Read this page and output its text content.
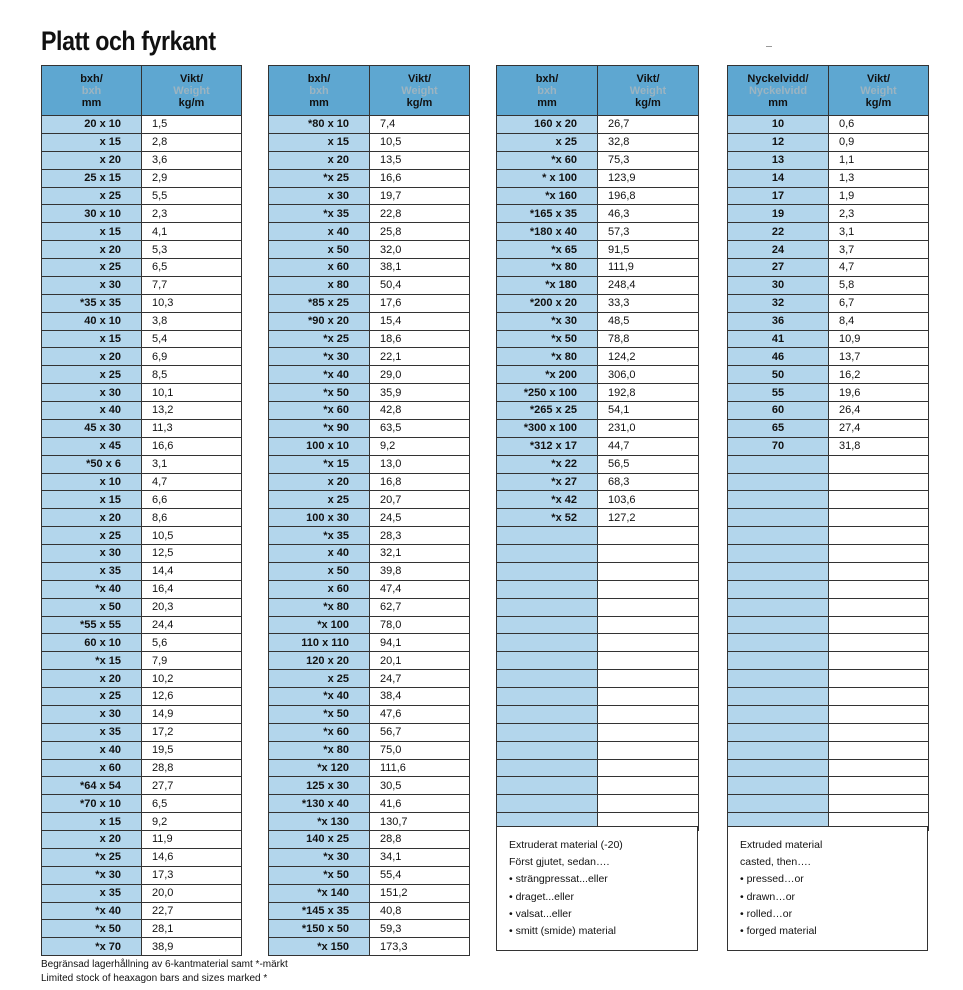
Platt och fyrkant
bxh/
bxh
mm	Vikt/
Weight
kg/m

20 x 10	1,5
x 15	2,8
x 20	3,6
25 x 15	2,9
x 25	5,5
30 x 10	2,3
x 15	4,1
x 20	5,3
x 25	6,5
x 30	7,7
*35 x 35	10,3
40 x 10	3,8
x 15	5,4
x 20	6,9
x 25	8,5
x 30	10,1
x 40	13,2
45 x 30	11,3
x 45	16,6
*50 x 6	3,1
x 10	4,7
x 15	6,6
x 20	8,6
x 25	10,5
x 30	12,5
x 35	14,4
*x 40	16,4
x 50	20,3
*55 x 55	24,4
60 x 10	5,6
*x 15	7,9
x 20	10,2
x 25	12,6
x 30	14,9
x 35	17,2
x 40	19,5
x 60	28,8
*64 x 54	27,7
*70 x 10	6,5
x 15	9,2
x 20	11,9
*x 25	14,6
*x 30	17,3
x 35	20,0
*x 40	22,7
*x 50	28,1
*x 70	38,9
bxh/
bxh
mm	Vikt/
Weight
kg/m

*80 x 10	7,4
x 15	10,5
x 20	13,5
*x 25	16,6
x 30	19,7
*x 35	22,8
x 40	25,8
x 50	32,0
x 60	38,1
x 80	50,4
*85 x 25	17,6
*90 x 20	15,4
*x 25	18,6
*x 30	22,1
*x 40	29,0
*x 50	35,9
*x 60	42,8
*x 90	63,5
100 x 10	9,2
*x 15	13,0
x 20	16,8
x 25	20,7
100 x 30	24,5
*x 35	28,3
x 40	32,1
x 50	39,8
x 60	47,4
*x 80	62,7
*x 100	78,0
110 x 110	94,1
120 x 20	20,1
x 25	24,7
*x 40	38,4
*x 50	47,6
*x 60	56,7
*x 80	75,0
*x 120	111,6
125 x 30	30,5
*130 x 40	41,6
*x 130	130,7
140 x 25	28,8
*x 30	34,1
*x 50	55,4
*x 140	151,2
*145 x 35	40,8
*150 x 50	59,3
*x 150	173,3
bxh/
bxh
mm	Vikt/
Weight
kg/m

160 x 20	26,7
x 25	32,8
*x 60	75,3
* x 100	123,9
*x 160	196,8
*165 x 35	46,3
*180 x 40	57,3
*x 65	91,5
*x 80	111,9
*x 180	248,4
*200 x 20	33,3
*x 30	48,5
*x 50	78,8
*x 80	124,2
*x 200	306,0
*250 x 100	192,8
*265 x 25	54,1
*300 x 100	231,0
*312 x 17	44,7
*x 22	56,5
*x 27	68,3
*x 42	103,6
*x 52	127,2

Nyckelvidd/
Nyckelvidd
mm	Vikt/
Weight
kg/m

10	0,6
12	0,9
13	1,1
14	1,3
17	1,9
19	2,3
22	3,1
24	3,7
27	4,7
30	5,8
32	6,7
36	8,4
41	10,9
46	13,7
50	16,2
55	19,6
60	26,4
65	27,4
70	31,8

Extruderat material (-20)
Först gjutet, sedan….
• strängpressat...eller
• draget...eller
• valsat...eller
• smitt (smide) material
Extruded material
casted, then….
• pressed…or
• drawn…or
• rolled…or
• forged material
Begränsad lagerhållning av 6-kantmaterial samt *-märkt
Limited stock of heaxagon bars and sizes marked *
